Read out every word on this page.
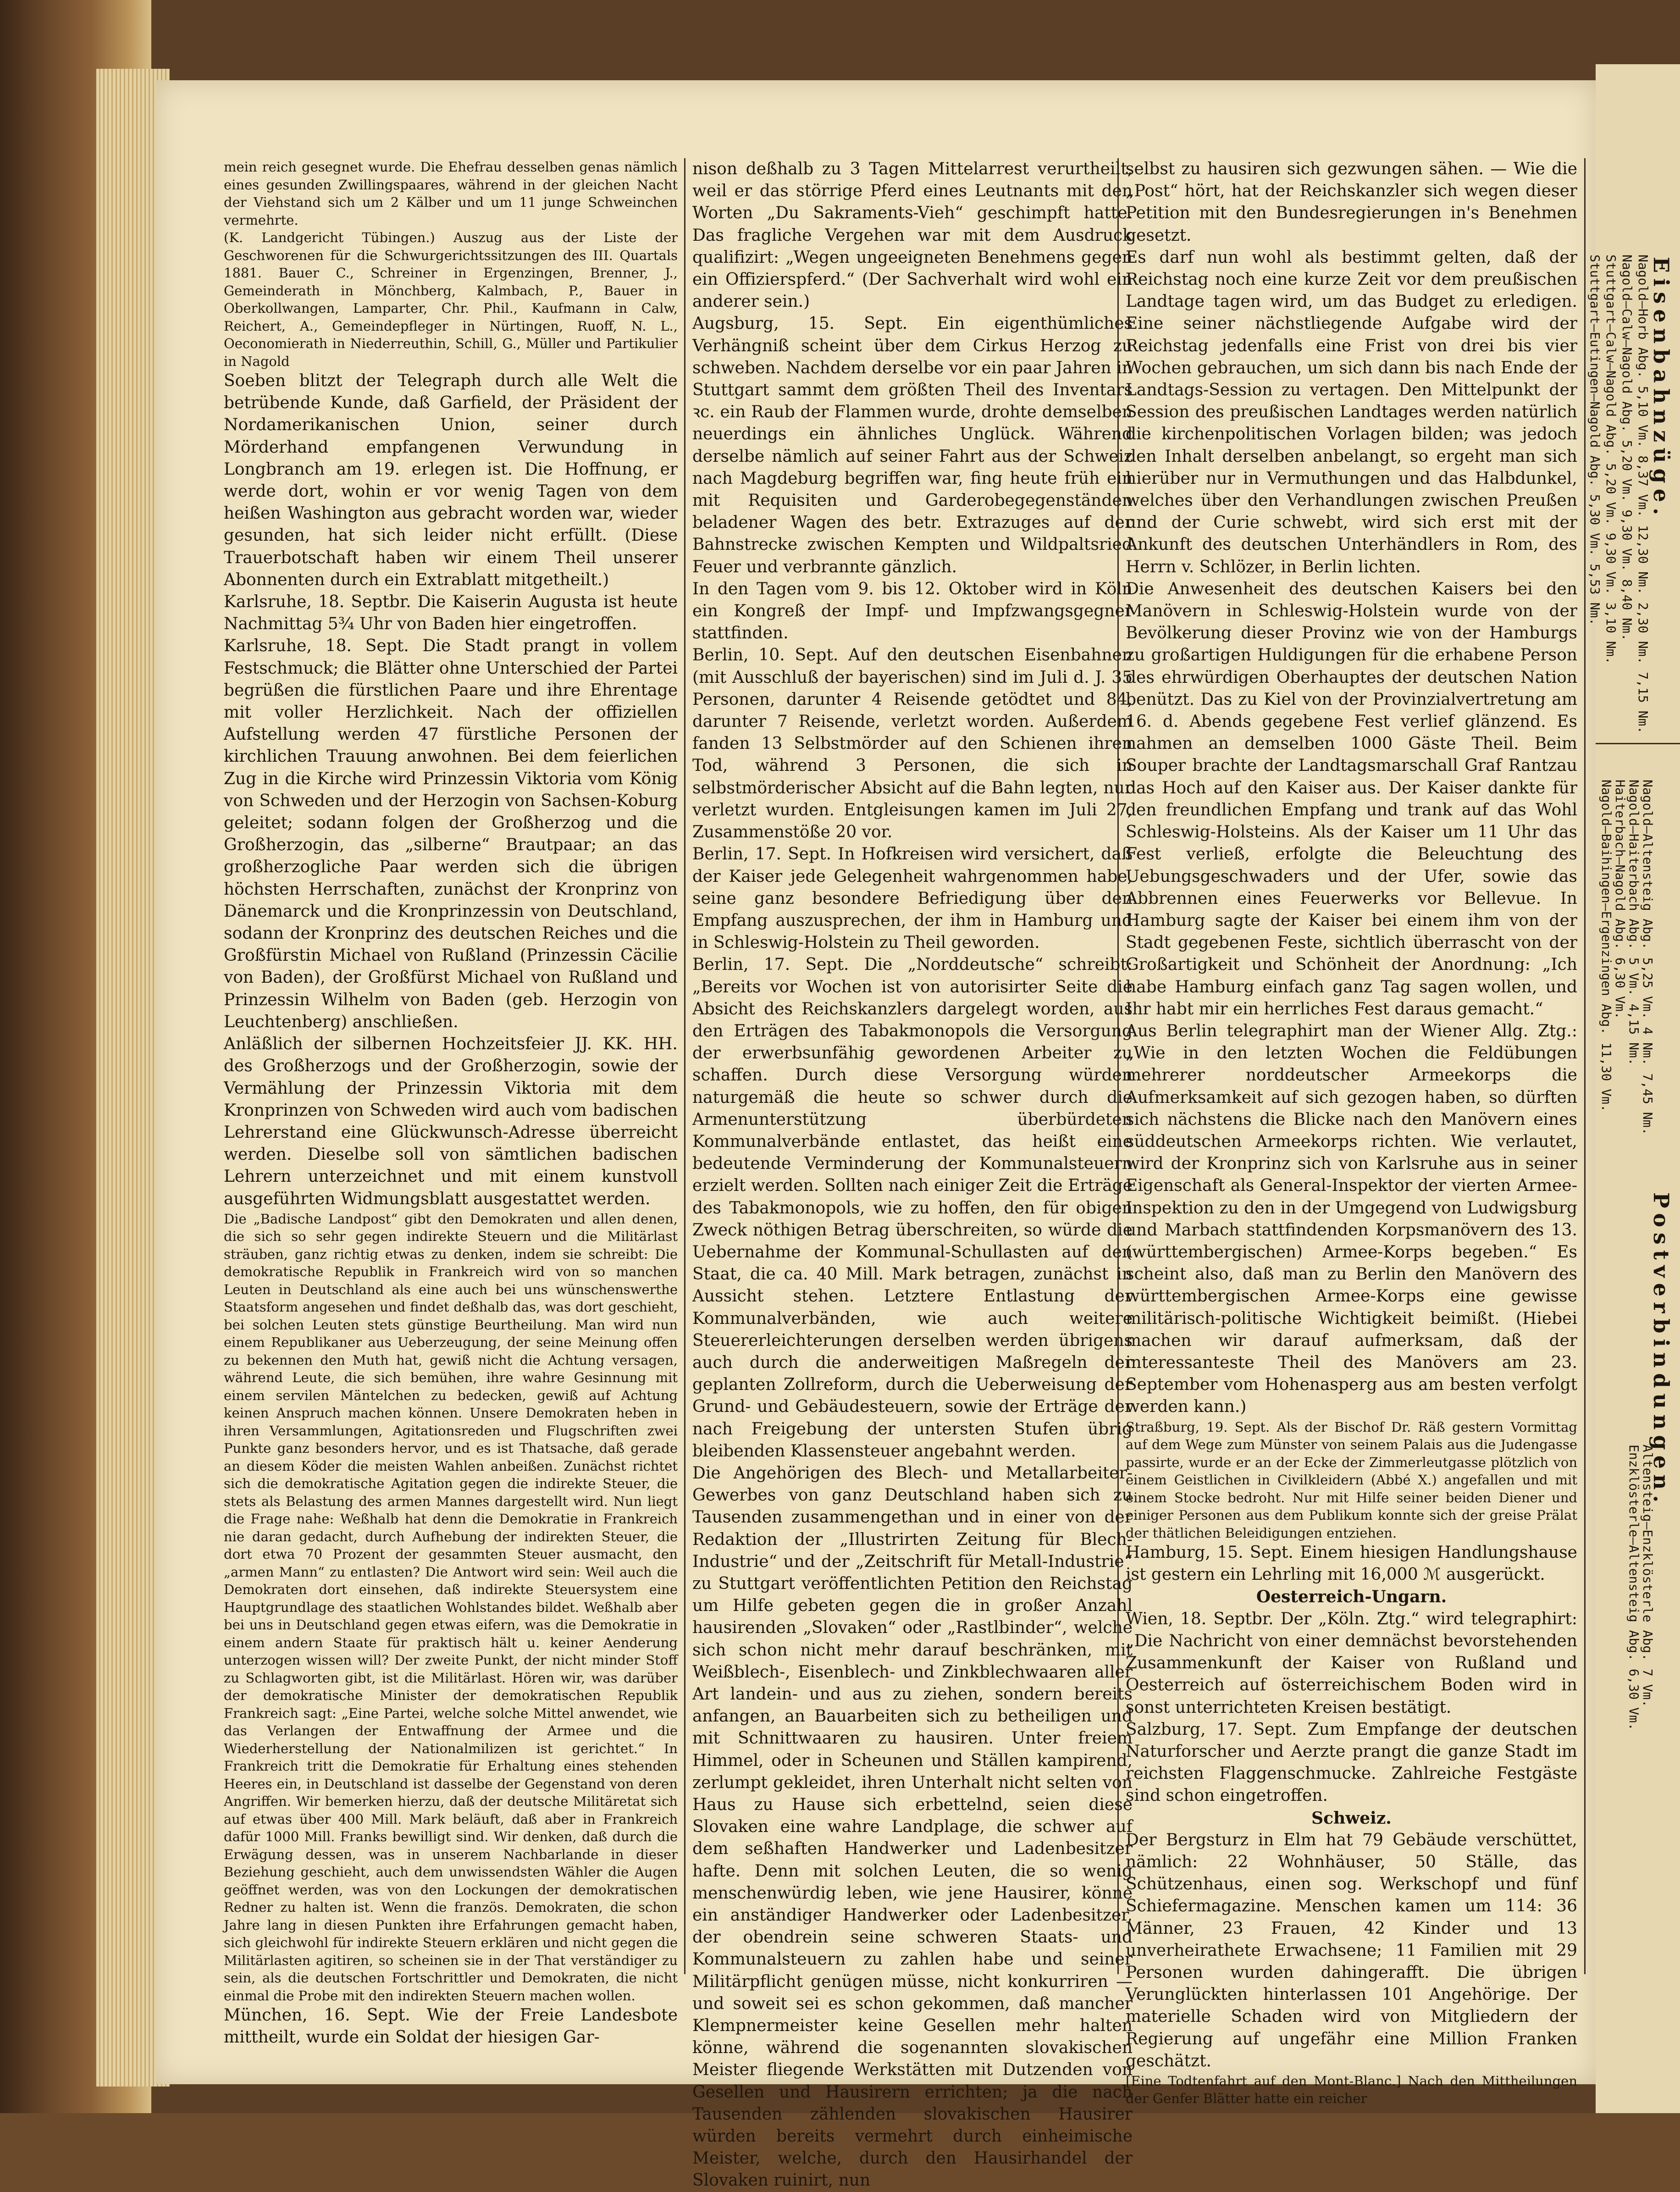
mein reich gesegnet wurde. Die Ehefrau desselben genas nämlich eines gesunden Zwillingspaares, während in der gleichen Nacht der Viehstand sich um 2 Kälber und um 11 junge Schweinchen vermehrte.

(K. Landgericht Tübingen.) Auszug aus der Liste der Geschworenen für die Schwurgerichtssitzungen des III. Quartals 1881. Bauer C., Schreiner in Ergenzingen, Brenner, J., Gemeinderath in Mönchberg, Kalmbach, P., Bauer in Oberkollwangen, Lamparter, Chr. Phil., Kaufmann in Calw, Reichert, A., Gemeindepfleger in Nürtingen, Ruoff, N. L., Oeconomierath in Niederreuthin, Schill, G., Müller und Partikulier in Nagold

Soeben blitzt der Telegraph durch alle Welt die betrübende Kunde, daß Garfield, der Präsident der Nordamerikanischen Union, seiner durch Mörderhand empfangenen Verwundung in Longbranch am 19. erlegen ist. Die Hoffnung, er werde dort, wohin er vor wenig Tagen von dem heißen Washington aus gebracht worden war, wieder gesunden, hat sich leider nicht erfüllt. (Diese Trauerbotschaft haben wir einem Theil unserer Abonnenten durch ein Extrablatt mitgetheilt.)

Karlsruhe, 18. Septbr. Die Kaiserin Augusta ist heute Nachmittag 5¾ Uhr von Baden hier eingetroffen.

Karlsruhe, 18. Sept. Die Stadt prangt in vollem Festschmuck; die Blätter ohne Unterschied der Partei begrüßen die fürstlichen Paare und ihre Ehrentage mit voller Herzlichkeit. Nach der offiziellen Aufstellung werden 47 fürstliche Personen der kirchlichen Trauung anwohnen. Bei dem feierlichen Zug in die Kirche wird Prinzessin Viktoria vom König von Schweden und der Herzogin von Sachsen-Koburg geleitet; sodann folgen der Großherzog und die Großherzogin, das „silberne“ Brautpaar; an das großherzogliche Paar werden sich die übrigen höchsten Herrschaften, zunächst der Kronprinz von Dänemarck und die Kronprinzessin von Deutschland, sodann der Kronprinz des deutschen Reiches und die Großfürstin Michael von Rußland (Prinzessin Cäcilie von Baden), der Großfürst Michael von Rußland und Prinzessin Wilhelm von Baden (geb. Herzogin von Leuchtenberg) anschließen.

Anläßlich der silbernen Hochzeitsfeier JJ. KK. HH. des Großherzogs und der Großherzogin, sowie der Vermählung der Prinzessin Viktoria mit dem Kronprinzen von Schweden wird auch vom badischen Lehrerstand eine Glückwunsch-Adresse überreicht werden. Dieselbe soll von sämtlichen badischen Lehrern unterzeichnet und mit einem kunstvoll ausgeführten Widmungsblatt ausgestattet werden.

Die „Badische Landpost“ gibt den Demokraten und allen denen, die sich so sehr gegen indirekte Steuern und die Militärlast sträuben, ganz richtig etwas zu denken, indem sie schreibt: Die demokratische Republik in Frankreich wird von so manchen Leuten in Deutschland als eine auch bei uns wünschenswerthe Staatsform angesehen und findet deßhalb das, was dort geschieht, bei solchen Leuten stets günstige Beurtheilung. Man wird nun einem Republikaner aus Ueberzeugung, der seine Meinung offen zu bekennen den Muth hat, gewiß nicht die Achtung versagen, während Leute, die sich bemühen, ihre wahre Gesinnung mit einem servilen Mäntelchen zu bedecken, gewiß auf Achtung keinen Anspruch machen können. Unsere Demokraten heben in ihren Versammlungen, Agitationsreden und Flugschriften zwei Punkte ganz besonders hervor, und es ist Thatsache, daß gerade an diesem Köder die meisten Wahlen anbeißen. Zunächst richtet sich die demokratische Agitation gegen die indirekte Steuer, die stets als Belastung des armen Mannes dargestellt wird. Nun liegt die Frage nahe: Weßhalb hat denn die Demokratie in Frankreich nie daran gedacht, durch Aufhebung der indirekten Steuer, die dort etwa 70 Prozent der gesammten Steuer ausmacht, den „armen Mann“ zu entlasten? Die Antwort wird sein: Weil auch die Demokraten dort einsehen, daß indirekte Steuersystem eine Hauptgrundlage des staatlichen Wohlstandes bildet. Weßhalb aber bei uns in Deutschland gegen etwas eifern, was die Demokratie in einem andern Staate für praktisch hält u. keiner Aenderung unterzogen wissen will? Der zweite Punkt, der nicht minder Stoff zu Schlagworten gibt, ist die Militärlast. Hören wir, was darüber der demokratische Minister der demokratischen Republik Frankreich sagt: „Eine Partei, welche solche Mittel anwendet, wie das Verlangen der Entwaffnung der Armee und die Wiederherstellung der Nationalmilizen ist gerichtet.“ In Frankreich tritt die Demokratie für Erhaltung eines stehenden Heeres ein, in Deutschland ist dasselbe der Gegenstand von deren Angriffen. Wir bemerken hierzu, daß der deutsche Militäretat sich auf etwas über 400 Mill. Mark beläuft, daß aber in Frankreich dafür 1000 Mill. Franks bewilligt sind. Wir denken, daß durch die Erwägung dessen, was in unserem Nachbarlande in dieser Beziehung geschieht, auch dem unwissendsten Wähler die Augen geöffnet werden, was von den Lockungen der demokratischen Redner zu halten ist. Wenn die französ. Demokraten, die schon Jahre lang in diesen Punkten ihre Erfahrungen gemacht haben, sich gleichwohl für indirekte Steuern erklären und nicht gegen die Militärlasten agitiren, so scheinen sie in der That verständiger zu sein, als die deutschen Fortschrittler und Demokraten, die nicht einmal die Probe mit den indirekten Steuern machen wollen.

München, 16. Sept. Wie der Freie Landesbote mittheilt, wurde ein Soldat der hiesigen Gar-

nison deßhalb zu 3 Tagen Mittelarrest verurtheilt, weil er das störrige Pferd eines Leutnants mit den Worten „Du Sakraments-Vieh“ geschimpft hatte. Das fragliche Vergehen war mit dem Ausdruck qualifizirt: „Wegen ungeeigneten Benehmens gegen ein Offizierspferd.“ (Der Sachverhalt wird wohl ein anderer sein.)

Augsburg, 15. Sept. Ein eigenthümliches Verhängniß scheint über dem Cirkus Herzog zu schweben. Nachdem derselbe vor ein paar Jahren in Stuttgart sammt dem größten Theil des Inventars ꝛc. ein Raub der Flammen wurde, drohte demselben neuerdings ein ähnliches Unglück. Während derselbe nämlich auf seiner Fahrt aus der Schweiz nach Magdeburg begriffen war, fing heute früh ein mit Requisiten und Garderobegegenständen beladener Wagen des betr. Extrazuges auf der Bahnstrecke zwischen Kempten und Wildpaltsried Feuer und verbrannte gänzlich.

In den Tagen vom 9. bis 12. Oktober wird in Köln ein Kongreß der Impf- und Impfzwangsgegner stattfinden.

Berlin, 10. Sept. Auf den deutschen Eisenbahnen (mit Ausschluß der bayerischen) sind im Juli d. J. 35 Personen, darunter 4 Reisende getödtet und 84, darunter 7 Reisende, verletzt worden. Außerdem fanden 13 Selbstmörder auf den Schienen ihren Tod, während 3 Personen, die sich in selbstmörderischer Absicht auf die Bahn legten, nur verletzt wurden. Entgleisungen kamen im Juli 27, Zusammenstöße 20 vor.

Berlin, 17. Sept. In Hofkreisen wird versichert, daß der Kaiser jede Gelegenheit wahrgenommen habe, seine ganz besondere Befriedigung über den Empfang auszusprechen, der ihm in Hamburg und in Schleswig-Holstein zu Theil geworden.

Berlin, 17. Sept. Die „Norddeutsche“ schreibt: „Bereits vor Wochen ist von autorisirter Seite die Absicht des Reichskanzlers dargelegt worden, aus den Erträgen des Tabakmonopols die Versorgung der erwerbsunfähig gewordenen Arbeiter zu schaffen. Durch diese Versorgung würden naturgemäß die heute so schwer durch die Armenunterstützung überbürdeten Kommunalverbände entlastet, das heißt eine bedeutende Verminderung der Kommunalsteuern erzielt werden. Sollten nach einiger Zeit die Erträge des Tabakmonopols, wie zu hoffen, den für obigen Zweck nöthigen Betrag überschreiten, so würde die Uebernahme der Kommunal-Schullasten auf den Staat, die ca. 40 Mill. Mark betragen, zunächst in Aussicht stehen. Letztere Entlastung der Kommunalverbänden, wie auch weitere Steuererleichterungen derselben werden übrigens auch durch die anderweitigen Maßregeln der geplanten Zollreform, durch die Ueberweisung der Grund- und Gebäudesteuern, sowie der Erträge der nach Freigebung der untersten Stufen übrig bleibenden Klassensteuer angebahnt werden.

Die Angehörigen des Blech- und Metallarbeiter-Gewerbes von ganz Deutschland haben sich zu Tausenden zusammengethan und in einer von der Redaktion der „Illustrirten Zeitung für Blech-Industrie“ und der „Zeitschrift für Metall-Industrie“ zu Stuttgart veröffentlichten Petition den Reichstag um Hilfe gebeten gegen die in großer Anzahl hausirenden „Slovaken“ oder „Rastlbinder“, welche sich schon nicht mehr darauf beschränken, mit Weißblech-, Eisenblech- und Zinkblechwaaren aller Art landein- und aus zu ziehen, sondern bereits anfangen, an Bauarbeiten sich zu betheiligen und mit Schnittwaaren zu hausiren. Unter freiem Himmel, oder in Scheunen und Ställen kampirend, zerlumpt gekleidet, ihren Unterhalt nicht selten von Haus zu Hause sich erbettelnd, seien diese Slovaken eine wahre Landplage, die schwer auf dem seßhaften Handwerker und Ladenbesitzer hafte. Denn mit solchen Leuten, die so wenig menschenwürdig leben, wie jene Hausirer, könne ein anständiger Handwerker oder Ladenbesitzer, der obendrein seine schweren Staats- und Kommunalsteuern zu zahlen habe und seiner Militärpflicht genügen müsse, nicht konkurriren — und soweit sei es schon gekommen, daß mancher Klempnermeister keine Gesellen mehr halten könne, während die sogenannten slovakischen Meister fliegende Werkstätten mit Dutzenden von Gesellen und Hausirern errichten; ja die nach Tausenden zählenden slovakischen Hausirer würden bereits vermehrt durch einheimische Meister, welche, durch den Hausirhandel der Slovaken ruinirt, nun

selbst zu hausiren sich gezwungen sähen. — Wie die „Post“ hört, hat der Reichskanzler sich wegen dieser Petition mit den Bundesregierungen in's Benehmen gesetzt.

Es darf nun wohl als bestimmt gelten, daß der Reichstag noch eine kurze Zeit vor dem preußischen Landtage tagen wird, um das Budget zu erledigen. Eine seiner nächstliegende Aufgabe wird der Reichstag jedenfalls eine Frist von drei bis vier Wochen gebrauchen, um sich dann bis nach Ende der Landtags-Session zu vertagen. Den Mittelpunkt der Session des preußischen Landtages werden natürlich die kirchenpolitischen Vorlagen bilden; was jedoch den Inhalt derselben anbelangt, so ergeht man sich hierüber nur in Vermuthungen und das Halbdunkel, welches über den Verhandlungen zwischen Preußen und der Curie schwebt, wird sich erst mit der Ankunft des deutschen Unterhändlers in Rom, des Herrn v. Schlözer, in Berlin lichten.

Die Anwesenheit des deutschen Kaisers bei den Manövern in Schleswig-Holstein wurde von der Bevölkerung dieser Provinz wie von der Hamburgs zu großartigen Huldigungen für die erhabene Person des ehrwürdigen Oberhauptes der deutschen Nation benützt. Das zu Kiel von der Provinzialvertretung am 16. d. Abends gegebene Fest verlief glänzend. Es nahmen an demselben 1000 Gäste Theil. Beim Souper brachte der Landtagsmarschall Graf Rantzau das Hoch auf den Kaiser aus. Der Kaiser dankte für den freundlichen Empfang und trank auf das Wohl Schleswig-Holsteins. Als der Kaiser um 11 Uhr das Fest verließ, erfolgte die Beleuchtung des Uebungsgeschwaders und der Ufer, sowie das Abbrennen eines Feuerwerks vor Bellevue. In Hamburg sagte der Kaiser bei einem ihm von der Stadt gegebenen Feste, sichtlich überrascht von der Großartigkeit und Schönheit der Anordnung: „Ich habe Hamburg einfach ganz Tag sagen wollen, und Ihr habt mir ein herrliches Fest daraus gemacht.“

Aus Berlin telegraphirt man der Wiener Allg. Ztg.: „Wie in den letzten Wochen die Feldübungen mehrerer norddeutscher Armeekorps die Aufmerksamkeit auf sich gezogen haben, so dürften sich nächstens die Blicke nach den Manövern eines süddeutschen Armeekorps richten. Wie verlautet, wird der Kronprinz sich von Karlsruhe aus in seiner Eigenschaft als General-Inspektor der vierten Armee-Inspektion zu den in der Umgegend von Ludwigsburg und Marbach stattfindenden Korpsmanövern des 13. (württembergischen) Armee-Korps begeben.“ Es scheint also, daß man zu Berlin den Manövern des württembergischen Armee-Korps eine gewisse militärisch-politische Wichtigkeit beimißt. (Hiebei machen wir darauf aufmerksam, daß der interessanteste Theil des Manövers am 23. September vom Hohenasperg aus am besten verfolgt werden kann.)

Straßburg, 19. Sept. Als der Bischof Dr. Räß gestern Vormittag auf dem Wege zum Münster von seinem Palais aus die Judengasse passirte, wurde er an der Ecke der Zimmerleutgasse plötzlich von einem Geistlichen in Civilkleidern (Abbé X.) angefallen und mit einem Stocke bedroht. Nur mit Hilfe seiner beiden Diener und einiger Personen aus dem Publikum konnte sich der greise Prälat der thätlichen Beleidigungen entziehen.

Hamburg, 15. Sept. Einem hiesigen Handlungshause ist gestern ein Lehrling mit 16,000 ℳ ausgerückt.

Oesterreich-Ungarn.

Wien, 18. Septbr. Der „Köln. Ztg.“ wird telegraphirt: „Die Nachricht von einer demnächst bevorstehenden Zusammenkunft der Kaiser von Rußland und Oesterreich auf österreichischem Boden wird in sonst unterrichteten Kreisen bestätigt.

Salzburg, 17. Sept. Zum Empfange der deutschen Naturforscher und Aerzte prangt die ganze Stadt im reichsten Flaggenschmucke. Zahlreiche Festgäste sind schon eingetroffen.

Schweiz.

Der Bergsturz in Elm hat 79 Gebäude verschüttet, nämlich: 22 Wohnhäuser, 50 Ställe, das Schützenhaus, einen sog. Werkschopf und fünf Schiefermagazine. Menschen kamen um 114: 36 Männer, 23 Frauen, 42 Kinder und 13 unverheirathete Erwachsene; 11 Familien mit 29 Personen wurden dahingerafft. Die übrigen Verunglückten hinterlassen 101 Angehörige. Der materielle Schaden wird von Mitgliedern der Regierung auf ungefähr eine Million Franken geschätzt.

[Eine Todtenfahrt auf den Mont-Blanc.] Nach den Mittheilungen der Genfer Blätter hatte ein reicher

Eisenbahnzüge.
Nagold—Horb Abg. 5,10 Vm. 8,37 Vm. 12,30 Nm. 2,30 Nm. 7,15 Nm.
Nagold—Calw—Nagold Abg. 5,20 Vm. 9,30 Vm. 8,40 Nm.
Stuttgart—Calw—Nagold Abg. 5,20 Vm. 9,30 Vm. 3,10 Nm.
Stuttgart—Eutingen—Nagold Abg. 5,30 Vm. 5,53 Nm.
Postverbindungen.
Nagold—Altensteig Abg. 5,25 Vm. 4 Nm. 7,45 Nm.
Nagold—Haiterbach Abg. 5 Vm. 4,15 Nm.
Haiterbach—Nagold Abg. 6,30 Vm.
Nagold—Baihingen—Ergenzingen Abg. 11,30 Vm.
Altensteig—Enzklösterle Abg. 7 Vm.
Enzklösterle—Altensteig Abg. 6,30 Vm.
